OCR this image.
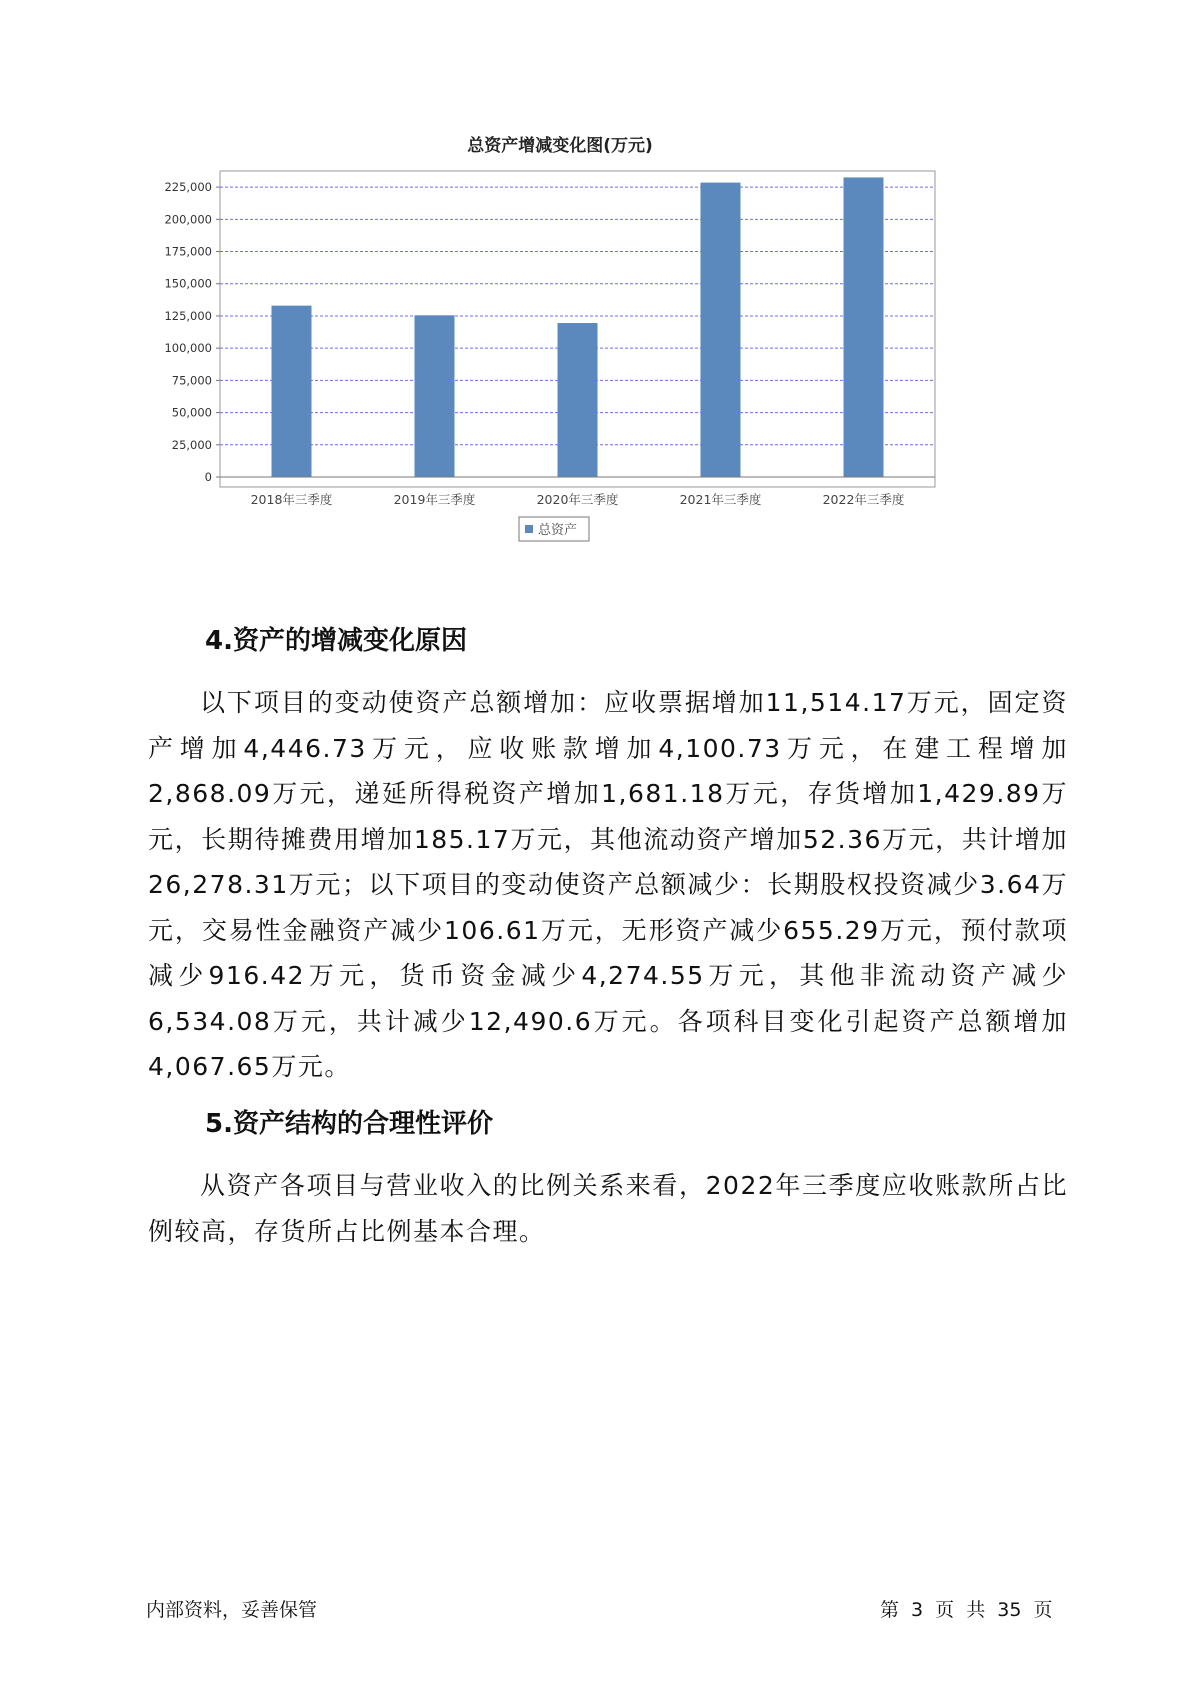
总资产增减变化图(万元)
0
25,000
50,000
75,000
100,000
125,000
150,000
175,000
200,000
225,000
2018年三季度	2019年三季度	2020年三季度	2021年三季度	2022年三季度
总资产
4.资产的增减变化原因

以下项目的变动使资产总额增加：应收票据增加11,514.17万元，固定资产增加4,446.73万元，应收账款增加4,100.73万元，在建工程增加2,868.09万元，递延所得税资产增加1,681.18万元，存货增加1,429.89万元，长期待摊费用增加185.17万元，其他流动资产增加52.36万元，共计增加26,278.31万元；以下项目的变动使资产总额减少：长期股权投资减少3.64万元，交易性金融资产减少106.61万元，无形资产减少655.29万元，预付款项减少916.42万元，货币资金减少4,274.55万元，其他非流动资产减少6,534.08万元，共计减少12,490.6万元。各项科目变化引起资产总额增加4,067.65万元。

5.资产结构的合理性评价

从资产各项目与营业收入的比例关系来看，2022年三季度应收账款所占比例较高，存货所占比例基本合理。

内部资料，妥善保管	第 3 页 共 35 页
